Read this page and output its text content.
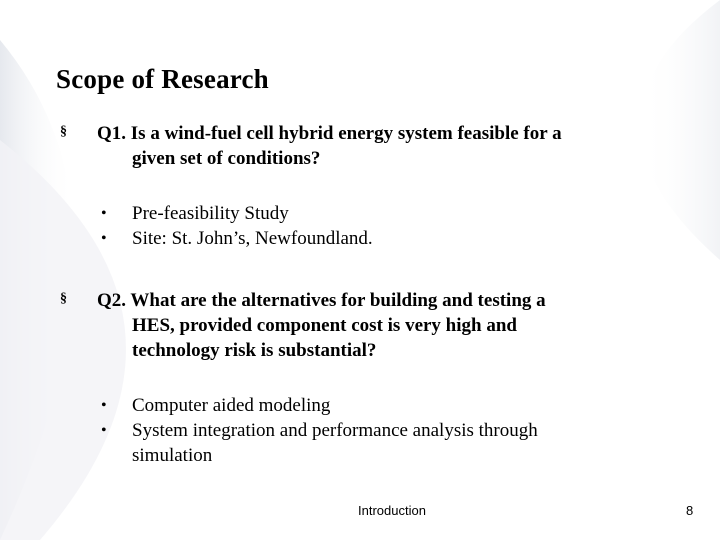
Scope of Research
§ Q1. Is a wind-fuel cell hybrid energy system feasible for a
given set of conditions?
•	Pre-feasibility Study
•	Site: St. John’s, Newfoundland.
§ Q2. What are the alternatives for building and testing a
HES, provided component cost is very high and
technology risk is substantial?
•	Computer aided modeling
•	System integration and performance analysis through simulation
Introduction	8
